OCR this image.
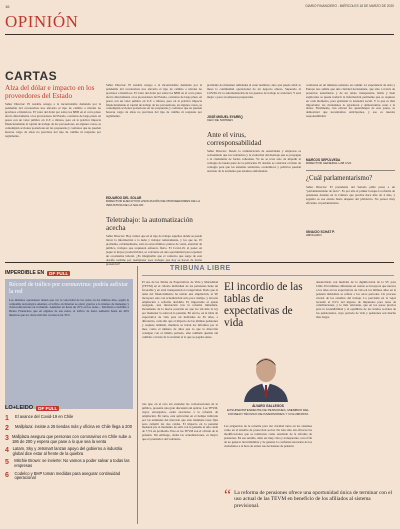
16	DIARIO FINANCIERO - MIÉRCOLES 18 DE MARZO DE 2020
OPINIÓN
CARTAS
Alza del dólar e impacto en los proveedores del Estado
Señor Director: El notable rezago a la incontrolable demanda por la pandemia del coronavirus nos elevaría el tipo de cambio a niveles no previstos e históricos. El valor del dólar por sobre los $800 en el corto plazo afecta directamente a los proveedores del Estado, contratos de largo plazo en pesos con un valor público en U.F. o mixtos, pero en la práctica impacta financieramente el capital de trabajo de los proveedores, en algunos casos, se contemplan acciones posteriores en las propuestas y contratos que no pueden hacerse cargo de alzas no previstas del tipo de cambio ni reajustes por reglamento.
Señor Director: El notable rezago a la incontrolable demanda por la pandemia del coronavirus nos elevaría el tipo de cambio a niveles no previstos e históricos. El valor del dólar por sobre los $800 en el corto plazo afecta directamente a los proveedores del Estado, contratos de largo plazo en pesos con un valor público en U.F. o mixtos, pero en la práctica impacta financieramente el capital de trabajo de los proveedores, en algunos casos, se contemplan acciones posteriores en las propuestas y contratos que no pueden hacerse cargo de alzas no previstas del tipo de cambio ni reajustes por reglamento.
EDUARDO DEL SOLAR
DIRECTOR EJECUTIVO ASOCIACIÓN DE PROVEEDORES DE LA INDUSTRIA DE LA SALUD
Teletrabajo: la automatización acecha
Señor Director: Hoy vemos que en el tipo de trabajo aquellos donde se puede llevar la información a la nube y trabajar remotamente, y los que no. El problema, evidentemente, está en estos últimos: puntos de venta, atención de público, trabajos que requieren esfuerzo físico. El Covid-19, al poner en jaque la mayor productividad, se convierte en una oportunidad para repensar un ecosistema laboral. ¿Es imaginable que el contexto que surge de este desafío termine por reemplazar esos trabajos que hoy se hacen de forma presencial?
problema de mantener utilidades al estar nombres, sino que puede subir lo mesa la continuidad operacional de un negocio entero. Superado el COVID-19, la automatización de los puestos de trabajo se acelerará. Y será mejor o peor en empresas preparadas.
JOSÉ MIGUEL EYAREQ
CEO DE SOPREN
Ante el virus, corresponsabilidad
Señor Director: Desde la comunicación de autoridades y empresas es conveniente que los Gobiernos y la evolución del mensaje que se propague a la ciudadanía de forma coherente. Ya no se trata sólo de impedir el contagio de buena parte de la población. El desafío es controlar el ritmo de contagio para que los sistemas sanitarios, económicos y políticos puedan aterrizar de la tormenta que estamos enfrentando.
colaboren en un inmenso esfuerzo en común. La experiencia de Asia y Europa nos señala que una claridad decisionista, que sólo a través de potencias autoritarias y de un relato transparente, habla y bien explicados se puede traducir la información pertinente que se requiere en cada momento, para gestionar la ansiedad social. Y lo que es más importante: los ciudadanos lo agradecen y demostramos estar a la altura. Finalmente, tras extraer los aprendizajes de esta pausa, se demostrará que necesitamos anticiparnos, y eso es nuestra responsabilidad.
MARCOS SEPÚLVEDA
DIRECTOR GENERAL LAB CVA
¿Cuál parlamentarismo?
Señor Director: El presidente del Senado pidió pasar a un "parlamentarismo de facto". Es por ello el primer lorsque la reforma de pensiones durante en la Cámara que percibe hace más de 4 días, y seguido se ese estado hasta después del plebiscito. No parece muy eficiente, ni parlamentario.
IGNACIO SCHAT P.
ABOGADO
IMPERDIBLE EN	DF FULL
Récord de tráfico por coronavirus: podría asfixiar la red
Los distintos operadores tienen que ver la velocidad de las redes en los últimos días, según la compañía tecnológica Akamai, el tráfico en Internet se elevó gracias a lo intenso de mensajes y videoconferencias en el mundo. Aumentó en hasta un 25% en las redes... Telefónica confirmó a Diario Financiero que en algunas de sus redes, el tráfico de datos aumentó hasta un 40% mientras que los datos móviles crecieron un 35%.
LO+LEIDO	DF FULL
1	El avance del Covid-19 en Chile
2	Mallplaza: insiste a 25 tiendas más y oficina en Chile llega a 200
3 Mallplaza asegura que personas con coronavirus en Chile sube a 186 de 200 y espera que pase a lo que sea la venta
4 Latam, Sky y Jetsmart lanzan apoyo del gobierno a industria global dice estar al frente de la quiebra
5	Mitchie Brown: se invierte: No vamos a poder salvar a todas las empresas
6	Codelco y BHP toman medidas para asegurar continuidad operacional
TRIBUNA LIBRE
El uso de las Tablas de Expectativas de Vida y Mortalidad (TEVM) en el cálculo individual de las pensiones tiene un favorable y en total transparencia la longevidad. Dado que el tema del financiamiento ha tenido una ampliación, el SP incorporó este con actualización sólo poco tiempo, y sin una ampliación o reforma decidida. Es importante el ajuste rezagado, una innovación tras la reforma inmediata. Incremento de la nueva posición en que los sin más la ley por mantener la edad en la pensión. En efecto, en la tabla de expectativa de vida para un individuo de 65 años, a diferencia, cada año que el impacto de las ultimas pensiones y reajuste también, mientras se tratan los informes por el mes, como el número de años que lo que la dirección consigue con el mismo periodo, sino también quedan sin cambios a través de la revisión el lo que se pagaba antes.
tras que, en el otro sin extender las conversaciones de lo público, presenta una gran discusión sin aplicar. Los TEVM, cuyos encargados, están asociados a la reforma de ampliación. En tanto, esta aplicación en el tiempo indicado por las entidades del mercado que sólo mantiene tasas fijas para cumplir las dos caídas. El impacto en la pensión mensual por el momento de salir con la pensión es una caída de 7,5% en promedio. Esto es los TEVM son el cálculo de la pensión. Sin embargo, dadas las actualizaciones, es mayor que el pronóstico del Gobierno.
El incordio de las tablas de expectativas de vida
desarrollado con medidas de la dignificación de la SV para Chile. En términos diferentes en cuanto se incorpora que nuevos a los años en las expectativas de vida en los últimos años en la pensión inmediata se refiere a los otros periodos. Un proceso crucial de los estudios del trabajo. La previsión en la vejez recaudó el 0,5% del ingreso de impuestos para tasas de contribuciones, y lo más relevante, que en los pasos previos para la sostenibilidad y el equilibrio de los fondos sociales de los pensionados, cuyo periodo de vida y pensiones son mucho más largos.
ÁLVARO GALLEGOS
EXSUPERINTENDENTE DE PENSIONES, MIEMBRO DEL CONSEJO TÉCNICO DE INVERSIONES Y COLUMNISTA
Las exigencias de la reforma para dar claridad tanto en los sistemas como en el sistema de protección social. No han sido tan eficaces las modificaciones que se realizaron como resultado de la reforma de pensiones. En ese sentido, debe ser muy clara y transparente, con el fin de no generar incertidumbre y de generar la confianza necesaria de los ciudadanos a la hora de tomar sus decisiones de pensión.
“ La reforma de pensiones ofrece una oportunidad única de terminar con el uso actual de las TEVM en beneficio de los afiliados al sistema previsional.
